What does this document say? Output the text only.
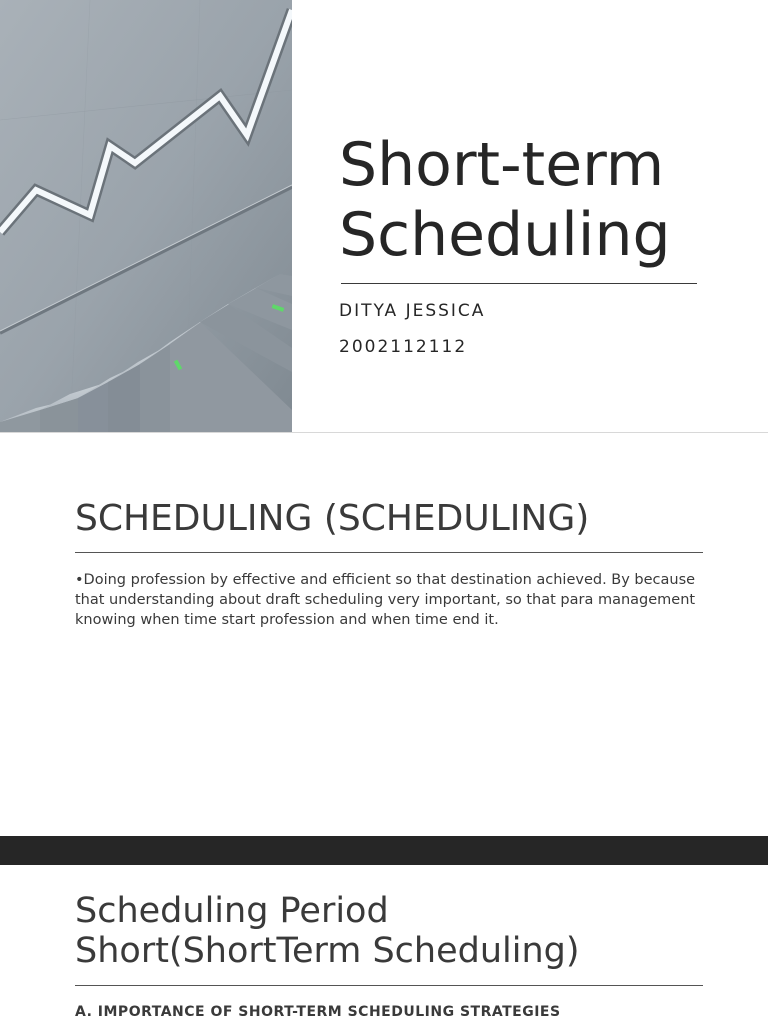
Short-term
Scheduling
DITYA JESSICA
2002112112
SCHEDULING (SCHEDULING)

•Doing profession by effective and efficient so that destination achieved. By because that understanding about draft scheduling very important, so that para management knowing when time start profession and when time end it.

Scheduling Period
Short(ShortTerm Scheduling)

A. IMPORTANCE OF SHORT-TERM SCHEDULING STRATEGIES
